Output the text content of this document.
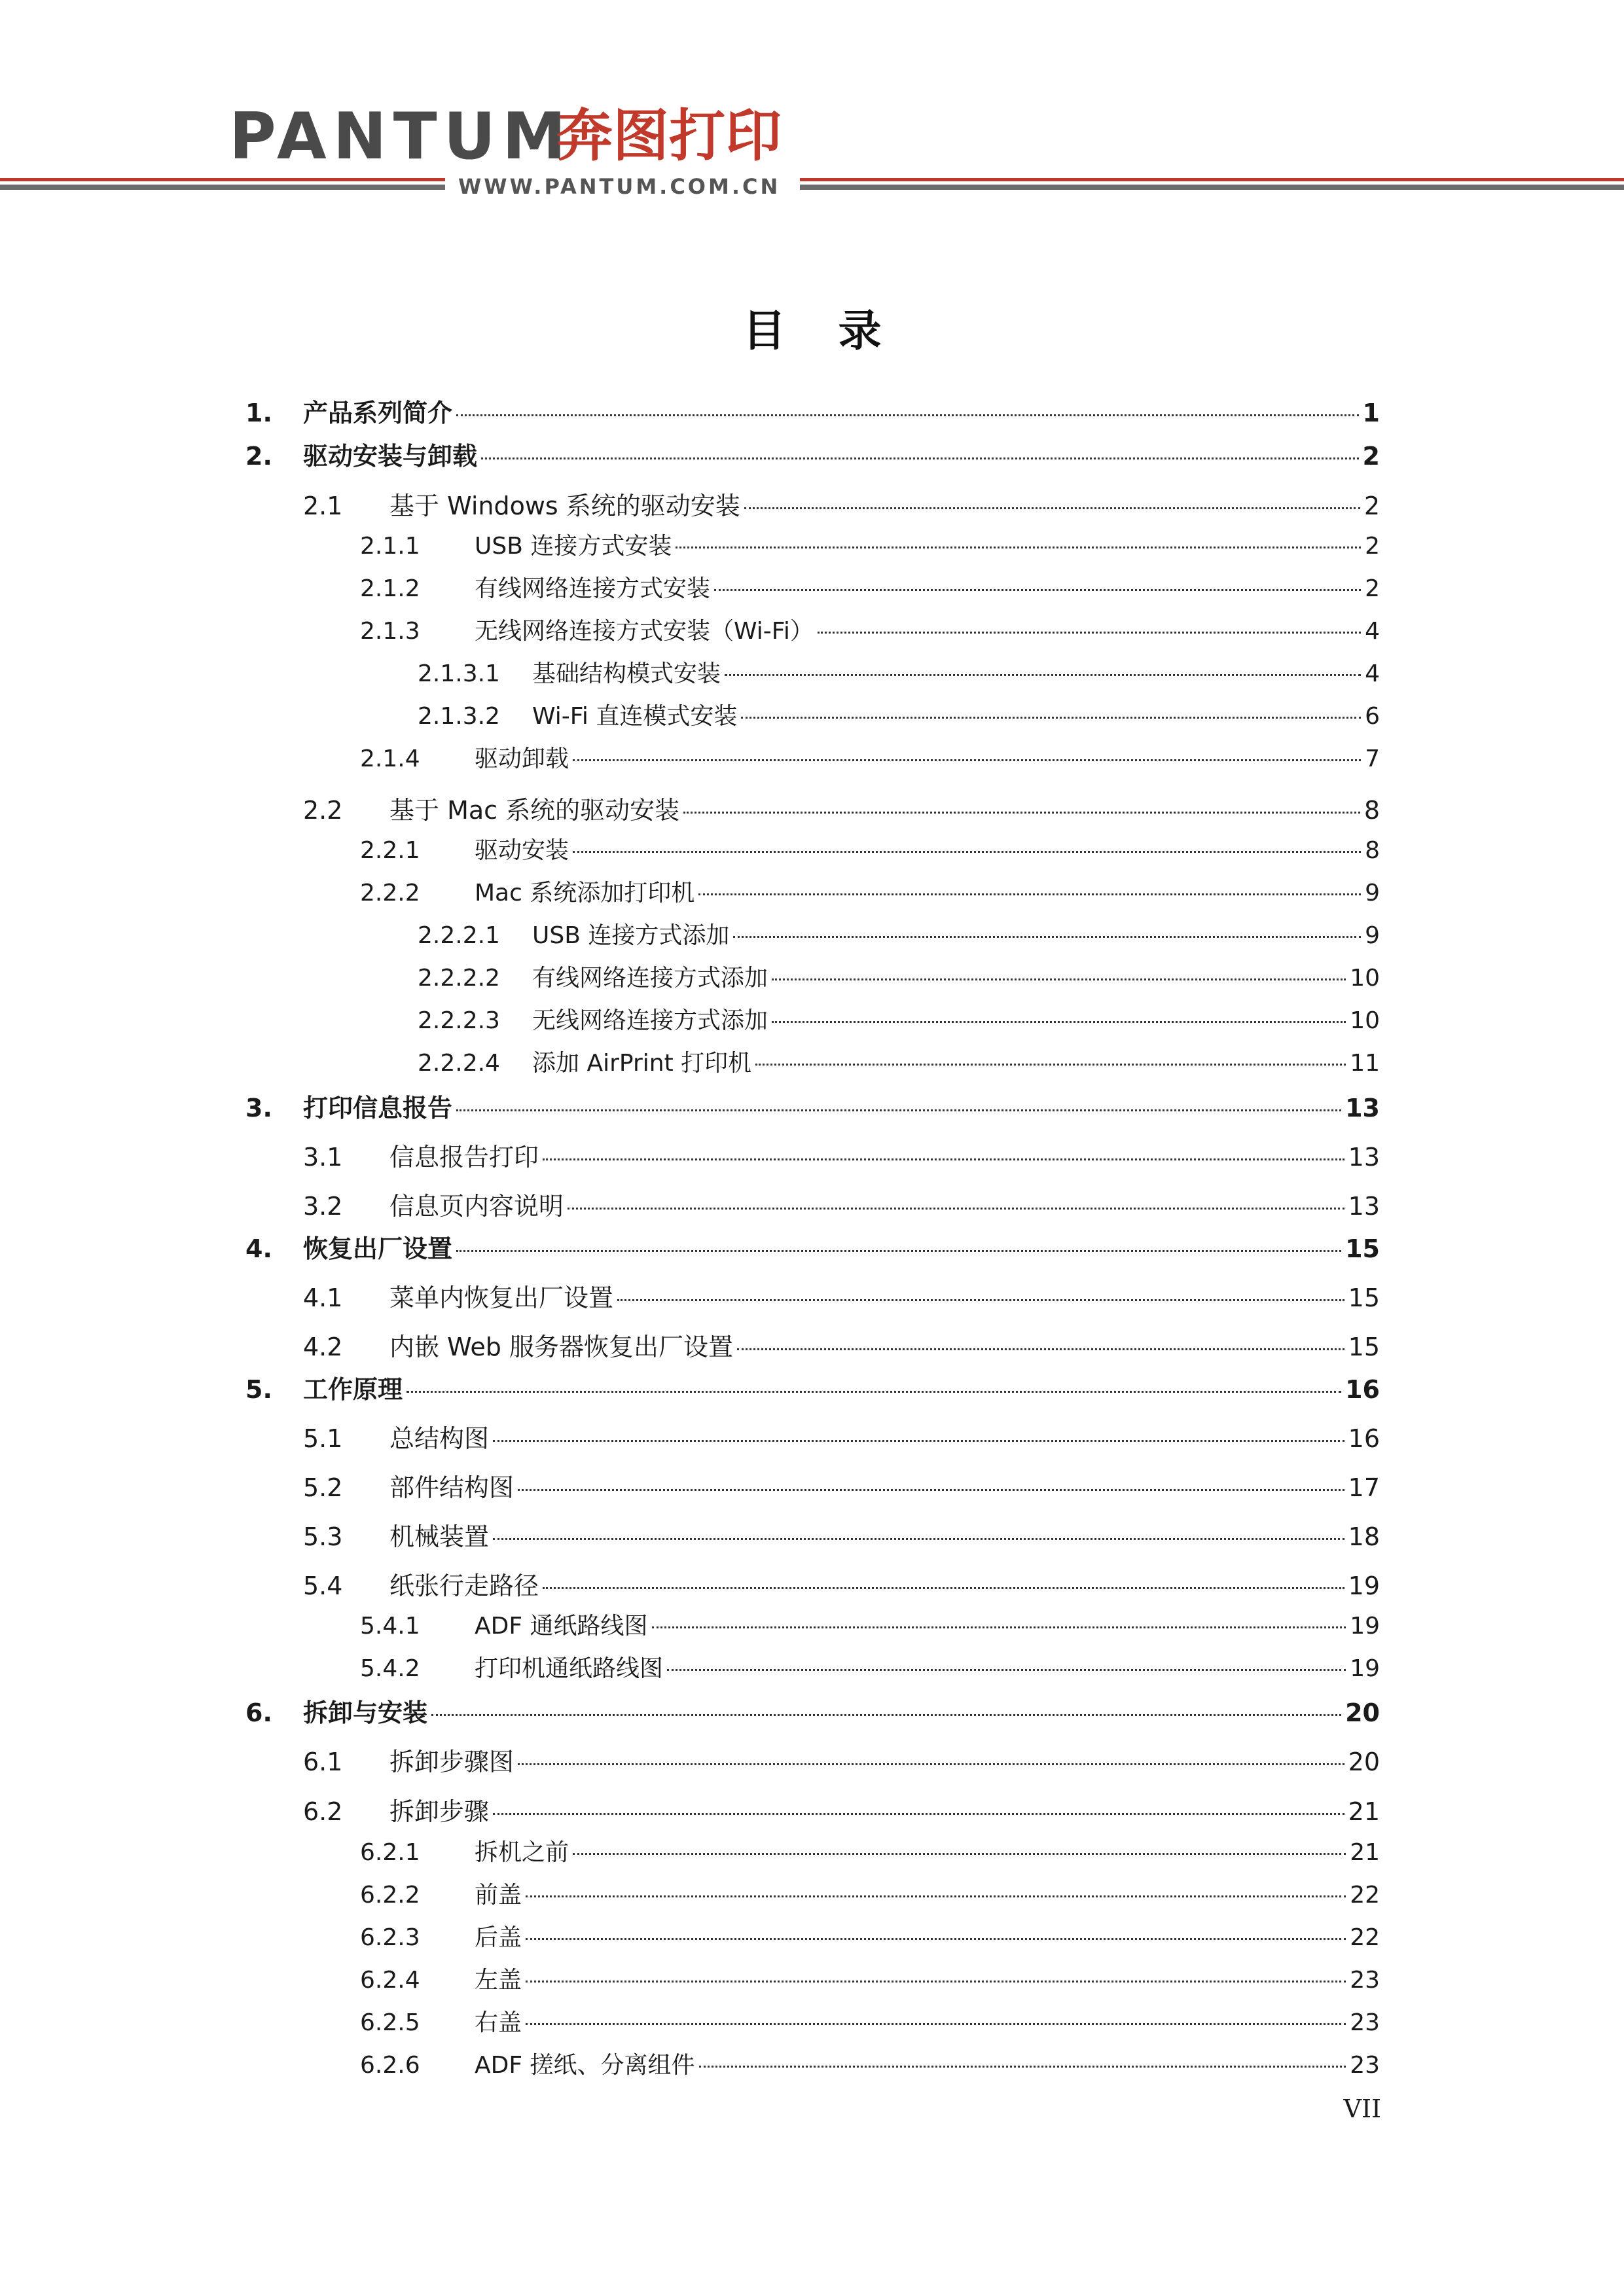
PANTUM
奔图打印
WWW.PANTUM.COM.CN
目录
1.	产品系列简介	1
2.	驱动安装与卸载	2
2.1	基于 Windows 系统的驱动安装	2
2.1.1	USB 连接方式安装	2
2.1.2	有线网络连接方式安装	2
2.1.3	无线网络连接方式安装（Wi-Fi）	4
2.1.3.1	基础结构模式安装	4
2.1.3.2	Wi-Fi 直连模式安装	6
2.1.4	驱动卸载	7
2.2	基于 Mac 系统的驱动安装	8
2.2.1	驱动安装	8
2.2.2	Mac 系统添加打印机	9
2.2.2.1	USB 连接方式添加	9
2.2.2.2	有线网络连接方式添加	10
2.2.2.3	无线网络连接方式添加	10
2.2.2.4	添加 AirPrint 打印机	11
3.	打印信息报告	13
3.1	信息报告打印	13
3.2	信息页内容说明	13
4.	恢复出厂设置	15
4.1	菜单内恢复出厂设置	15
4.2	内嵌 Web 服务器恢复出厂设置	15
5.	工作原理	16
5.1	总结构图	16
5.2	部件结构图	17
5.3	机械装置	18
5.4	纸张行走路径	19
5.4.1	ADF 通纸路线图	19
5.4.2	打印机通纸路线图	19
6.	拆卸与安装	20
6.1	拆卸步骤图	20
6.2	拆卸步骤	21
6.2.1	拆机之前	21
6.2.2	前盖	22
6.2.3	后盖	22
6.2.4	左盖	23
6.2.5	右盖	23
6.2.6	ADF 搓纸、分离组件	23
VII
